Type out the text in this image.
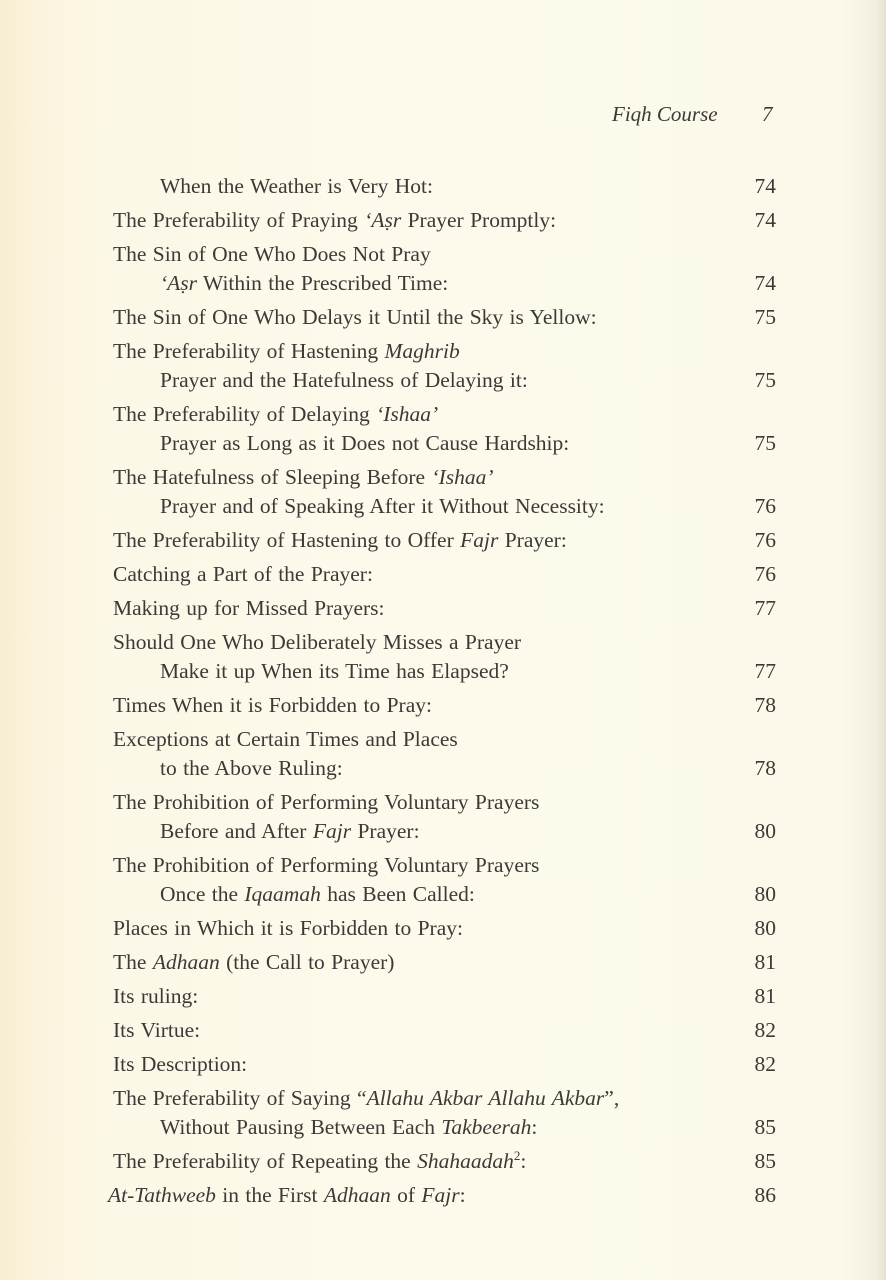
Fiqh Course 7
When the Weather is Very Hot:	74
The Preferability of Praying ‘Aṣr Prayer Promptly:	74
The Sin of One Who Does Not Pray
‘Aṣr Within the Prescribed Time:	74
The Sin of One Who Delays it Until the Sky is Yellow:	75
The Preferability of Hastening Maghrib
Prayer and the Hatefulness of Delaying it:	75
The Preferability of Delaying ‘Ishaa’
Prayer as Long as it Does not Cause Hardship:	75
The Hatefulness of Sleeping Before ‘Ishaa’
Prayer and of Speaking After it Without Necessity:	76
The Preferability of Hastening to Offer Fajr Prayer:	76
Catching a Part of the Prayer:	76
Making up for Missed Prayers:	77
Should One Who Deliberately Misses a Prayer
Make it up When its Time has Elapsed?	77
Times When it is Forbidden to Pray:	78
Exceptions at Certain Times and Places
to the Above Ruling:	78
The Prohibition of Performing Voluntary Prayers
Before and After Fajr Prayer:	80
The Prohibition of Performing Voluntary Prayers
Once the Iqaamah has Been Called:	80
Places in Which it is Forbidden to Pray:	80
The Adhaan (the Call to Prayer)	81
Its ruling:	81
Its Virtue:	82
Its Description:	82
The Preferability of Saying “Allahu Akbar Allahu Akbar”,
Without Pausing Between Each Takbeerah:	85
The Preferability of Repeating the Shahaadah$^2$:	85
At-Tathweeb in the First Adhaan of Fajr:	86
